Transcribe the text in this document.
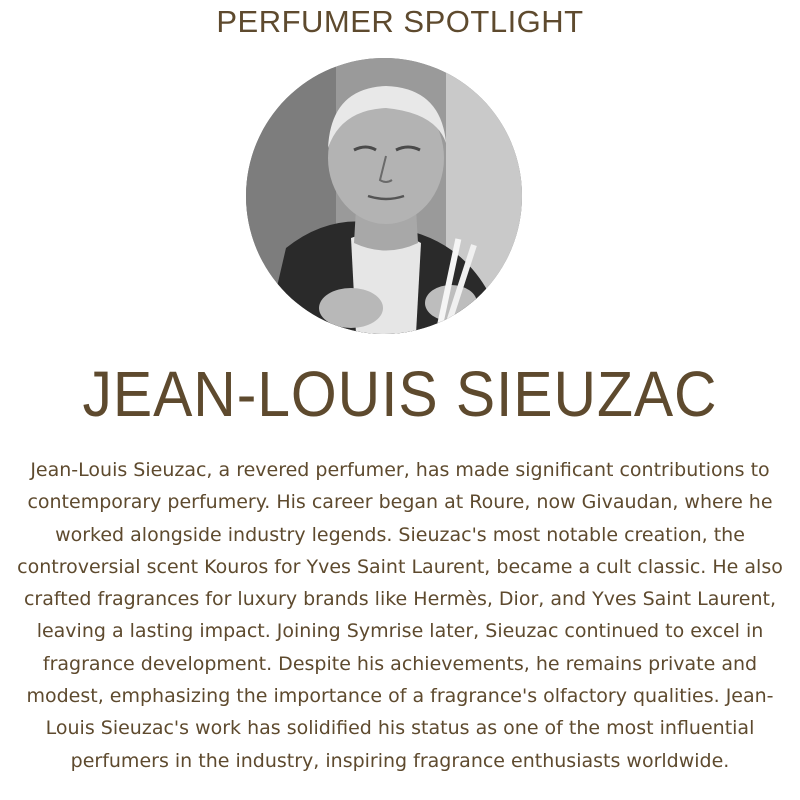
PERFUMER SPOTLIGHT
JEAN-LOUIS SIEUZAC

Jean-Louis Sieuzac, a revered perfumer, has made significant contributions to contemporary perfumery. His career began at Roure, now Givaudan, where he worked alongside industry legends. Sieuzac's most notable creation, the controversial scent Kouros for Yves Saint Laurent, became a cult classic. He also crafted fragrances for luxury brands like Hermès, Dior, and Yves Saint Laurent, leaving a lasting impact. Joining Symrise later, Sieuzac continued to excel in fragrance development. Despite his achievements, he remains private and modest, emphasizing the importance of a fragrance's olfactory qualities. Jean-Louis Sieuzac's work has solidified his status as one of the most influential perfumers in the industry, inspiring fragrance enthusiasts worldwide.
